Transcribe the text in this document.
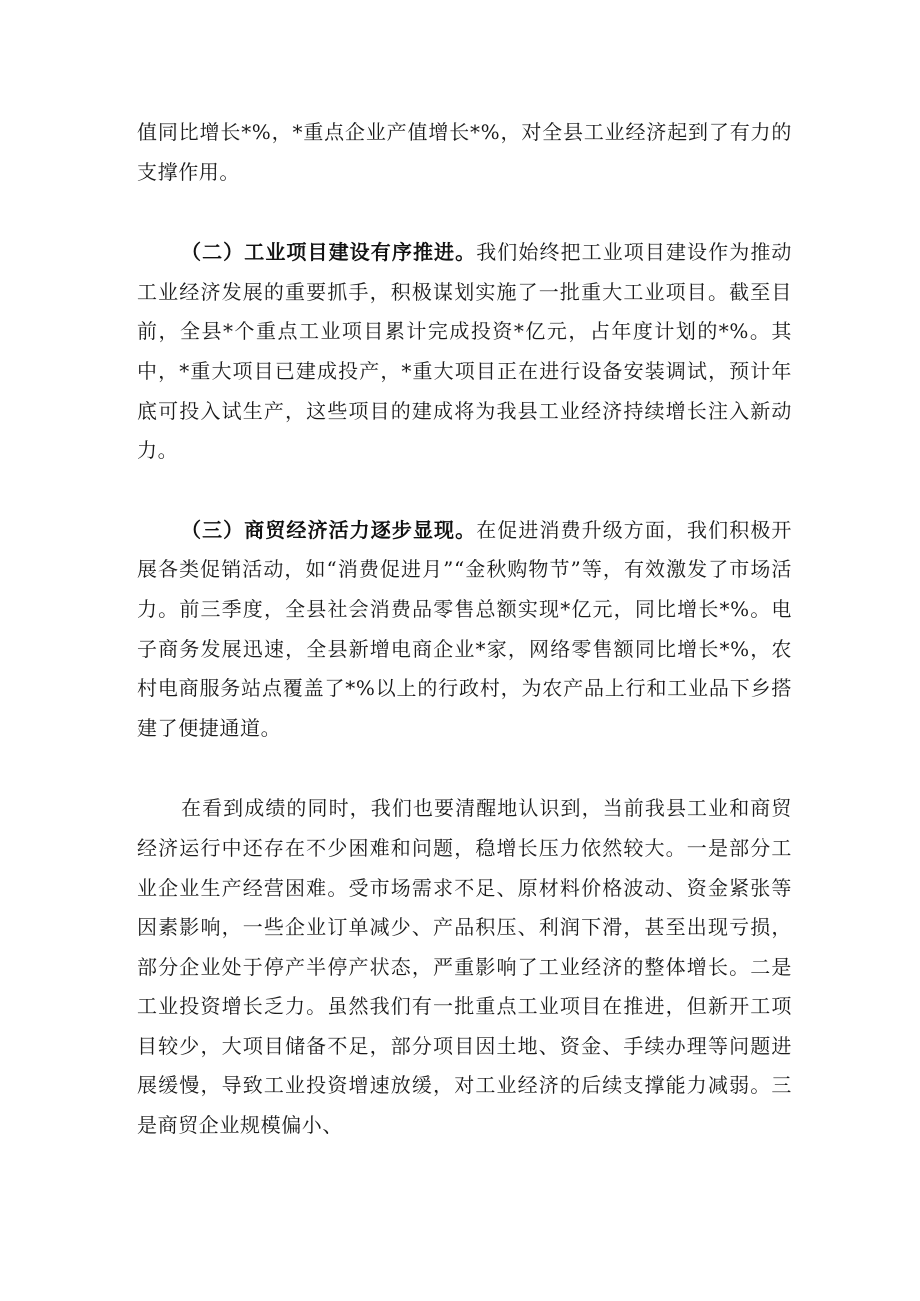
值同比增长*%，*重点企业产值增长*%，对全县工业经济起到了有力的支撑作用。

（二）工业项目建设有序推进。我们始终把工业项目建设作为推动工业经济发展的重要抓手，积极谋划实施了一批重大工业项目。截至目前，全县*个重点工业项目累计完成投资*亿元，占年度计划的*%。其中，*重大项目已建成投产，*重大项目正在进行设备安装调试，预计年底可投入试生产，这些项目的建成将为我县工业经济持续增长注入新动力。

（三）商贸经济活力逐步显现。在促进消费升级方面，我们积极开展各类促销活动，如“消费促进月”“金秋购物节”等，有效激发了市场活力。前三季度，全县社会消费品零售总额实现*亿元，同比增长*%。电子商务发展迅速，全县新增电商企业*家，网络零售额同比增长*%，农村电商服务站点覆盖了*%以上的行政村，为农产品上行和工业品下乡搭建了便捷通道。

在看到成绩的同时，我们也要清醒地认识到，当前我县工业和商贸经济运行中还存在不少困难和问题，稳增长压力依然较大。一是部分工业企业生产经营困难。受市场需求不足、原材料价格波动、资金紧张等因素影响，一些企业订单减少、产品积压、利润下滑，甚至出现亏损，部分企业处于停产半停产状态，严重影响了工业经济的整体增长。二是工业投资增长乏力。虽然我们有一批重点工业项目在推进，但新开工项目较少，大项目储备不足，部分项目因土地、资金、手续办理等问题进展缓慢，导致工业投资增速放缓，对工业经济的后续支撑能力减弱。三是商贸企业规模偏小、
